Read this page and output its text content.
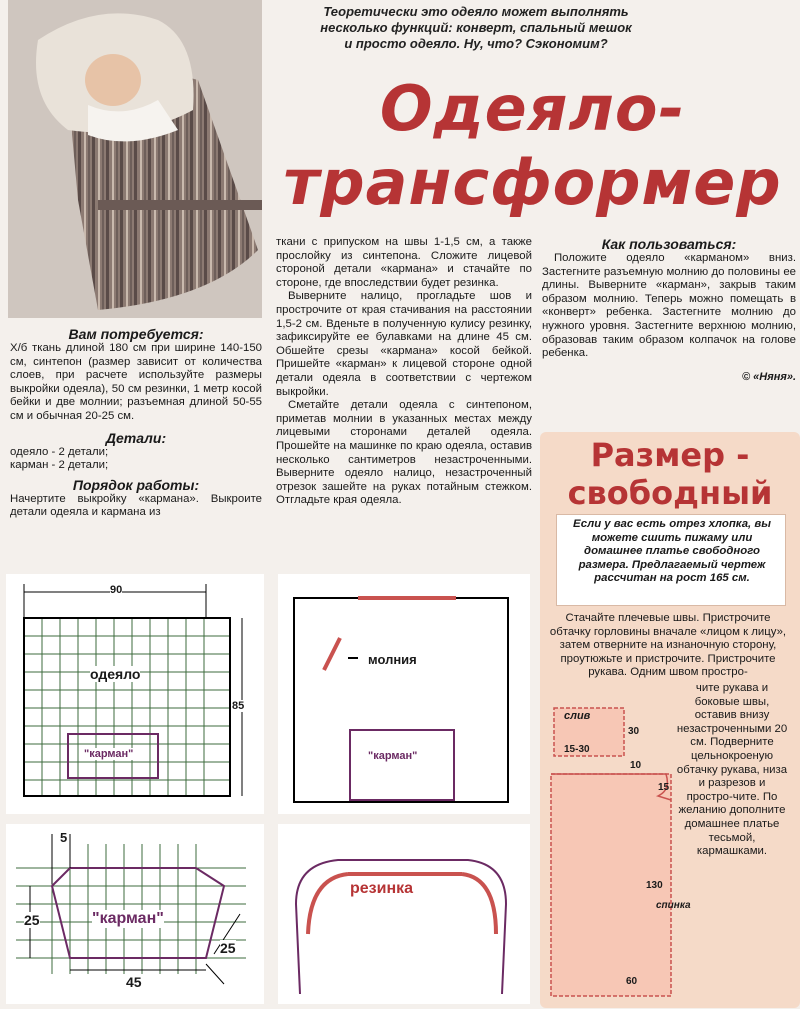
Теоретически это одеяло может выполнять
несколько функций: конверт, спальный мешок
и просто одеяло. Ну, что? Сэкономим?
Одеяло-
трансформер
Вам потребуется:
Х/б ткань длиной 180 см при ширине 140-150 см, синтепон (размер зависит от количества слоев, при расчете используйте размеры выкройки одеяла), 50 см резинки, 1 метр косой бейки и две молнии; разъемная длиной 50-55 см и обычная 20-25 см.
Детали:
одеяло - 2 детали;
карман - 2 детали;
Порядок работы:
Начертите выкройку «кармана». Выкроите детали одеяла и кармана из
ткани с припуском на швы 1-1,5 см, а также прослойку из синтепона. Сложите лицевой стороной детали «кармана» и стачайте по стороне, где впоследствии будет резинка.
Выверните налицо, прогладьте шов и прострочите от края стачивания на расстоянии 1,5-2 см. Вденьте в полученную кулису резинку, зафиксируйте ее булавками на длине 45 см. Обшейте срезы «кармана» косой бейкой. Пришейте «карман» к лицевой стороне одной детали одеяла в соответствии с чертежом выкройки.
Сметайте детали одеяла с синтепоном, приметав молнии в указанных местах между лицевыми сторонами деталей одеяла. Прошейте на машинке по краю одеяла, оставив несколько сантиметров незастроченными. Выверните одеяло налицо, незастроченный отрезок зашейте на руках потайным стежком. Отгладьте края одеяла.
Как пользоваться:
Положите одеяло «карманом» вниз. Застегните разъемную молнию до половины ее длины. Выверните «карман», закрыв таким образом молнию. Теперь можно помещать в «конверт» ребенка. Застегните молнию до нужного уровня. Застегните верхнюю молнию, образовав таким образом колпачок на голове ребенка.
© «Няня».
Размер -
свободный
Если у вас есть отрез хлопка, вы можете сшить пижаму или домашнее платье свободного размера. Предлагаемый чертеж рассчитан на рост 165 см.
Стачайте плечевые швы. Пристрочите обтачку горловины вначале «лицом к лицу», затем отверните на изнаночную сторону, проутюжьте и пристрочите. Пристрочите рукава. Одним швом простро-
чите рукава и боковые швы, оставив внизу незастроченными 20 см. Подверните цельнокроеную обтачку рукава, низа и разрезов и простро-чите. По желанию дополните домашнее платье тесьмой, кармашками.
слив
15-30
30
10
15
130
спинка
60
90
85
одеяло
"карман"
молния
"карман"
5
25
45
25
"карман"
резинка
